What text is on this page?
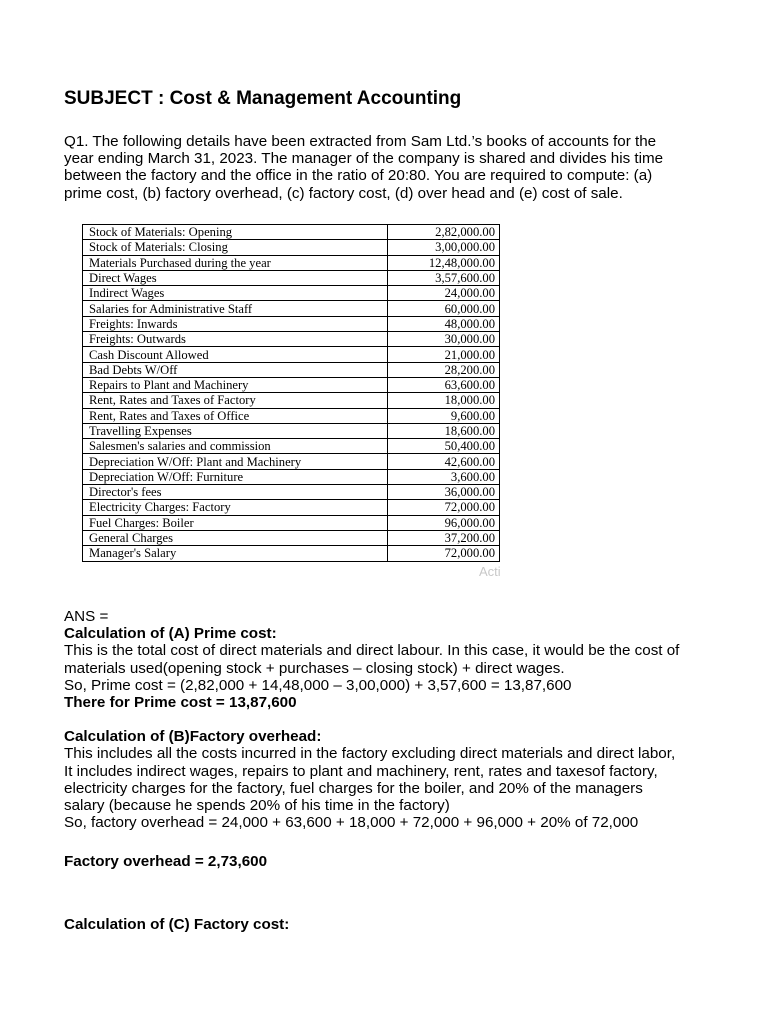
SUBJECT : Cost & Management Accounting

Q1. The following details have been extracted from Sam Ltd.’s books of accounts for the year ending March 31, 2023. The manager of the company is shared and divides his time between the factory and the office in the ratio of 20:80. You are required to compute: (a) prime cost, (b) factory overhead, (c) factory cost, (d) over head and (e) cost of sale.

Stock of Materials: Opening	2,82,000.00
Stock of Materials: Closing	3,00,000.00
Materials Purchased during the year	12,48,000.00
Direct Wages	3,57,600.00
Indirect Wages	24,000.00
Salaries for Administrative Staff	60,000.00
Freights: Inwards	48,000.00
Freights: Outwards	30,000.00
Cash Discount Allowed	21,000.00
Bad Debts W/Off	28,200.00
Repairs to Plant and Machinery	63,600.00
Rent, Rates and Taxes of Factory	18,000.00
Rent, Rates and Taxes of Office	9,600.00
Travelling Expenses	18,600.00
Salesmen's salaries and commission	50,400.00
Depreciation W/Off: Plant and Machinery	42,600.00
Depreciation W/Off: Furniture	3,600.00
Director's fees	36,000.00
Electricity Charges: Factory	72,000.00
Fuel Charges: Boiler	96,000.00
General Charges	37,200.00
Manager's Salary	72,000.00
Acti

ANS =

Calculation of (A) Prime cost:

This is the total cost of direct materials and direct labour. In this case, it would be the cost of materials used(opening stock + purchases – closing stock) + direct wages.

So, Prime cost = (2,82,000 + 14,48,000 – 3,00,000) + 3,57,600 = 13,87,600

There for Prime cost = 13,87,600

Calculation of (B)Factory overhead:

This includes all the costs incurred in the factory excluding direct materials and direct labor, It includes indirect wages, repairs to plant and machinery, rent, rates and taxesof factory, electricity charges for the factory, fuel charges for the boiler, and 20% of the managers salary (because he spends 20% of his time in the factory)

So, factory overhead = 24,000 + 63,600 + 18,000 + 72,000 + 96,000 + 20% of 72,000

Factory overhead = 2,73,600

Calculation of (C) Factory cost:
